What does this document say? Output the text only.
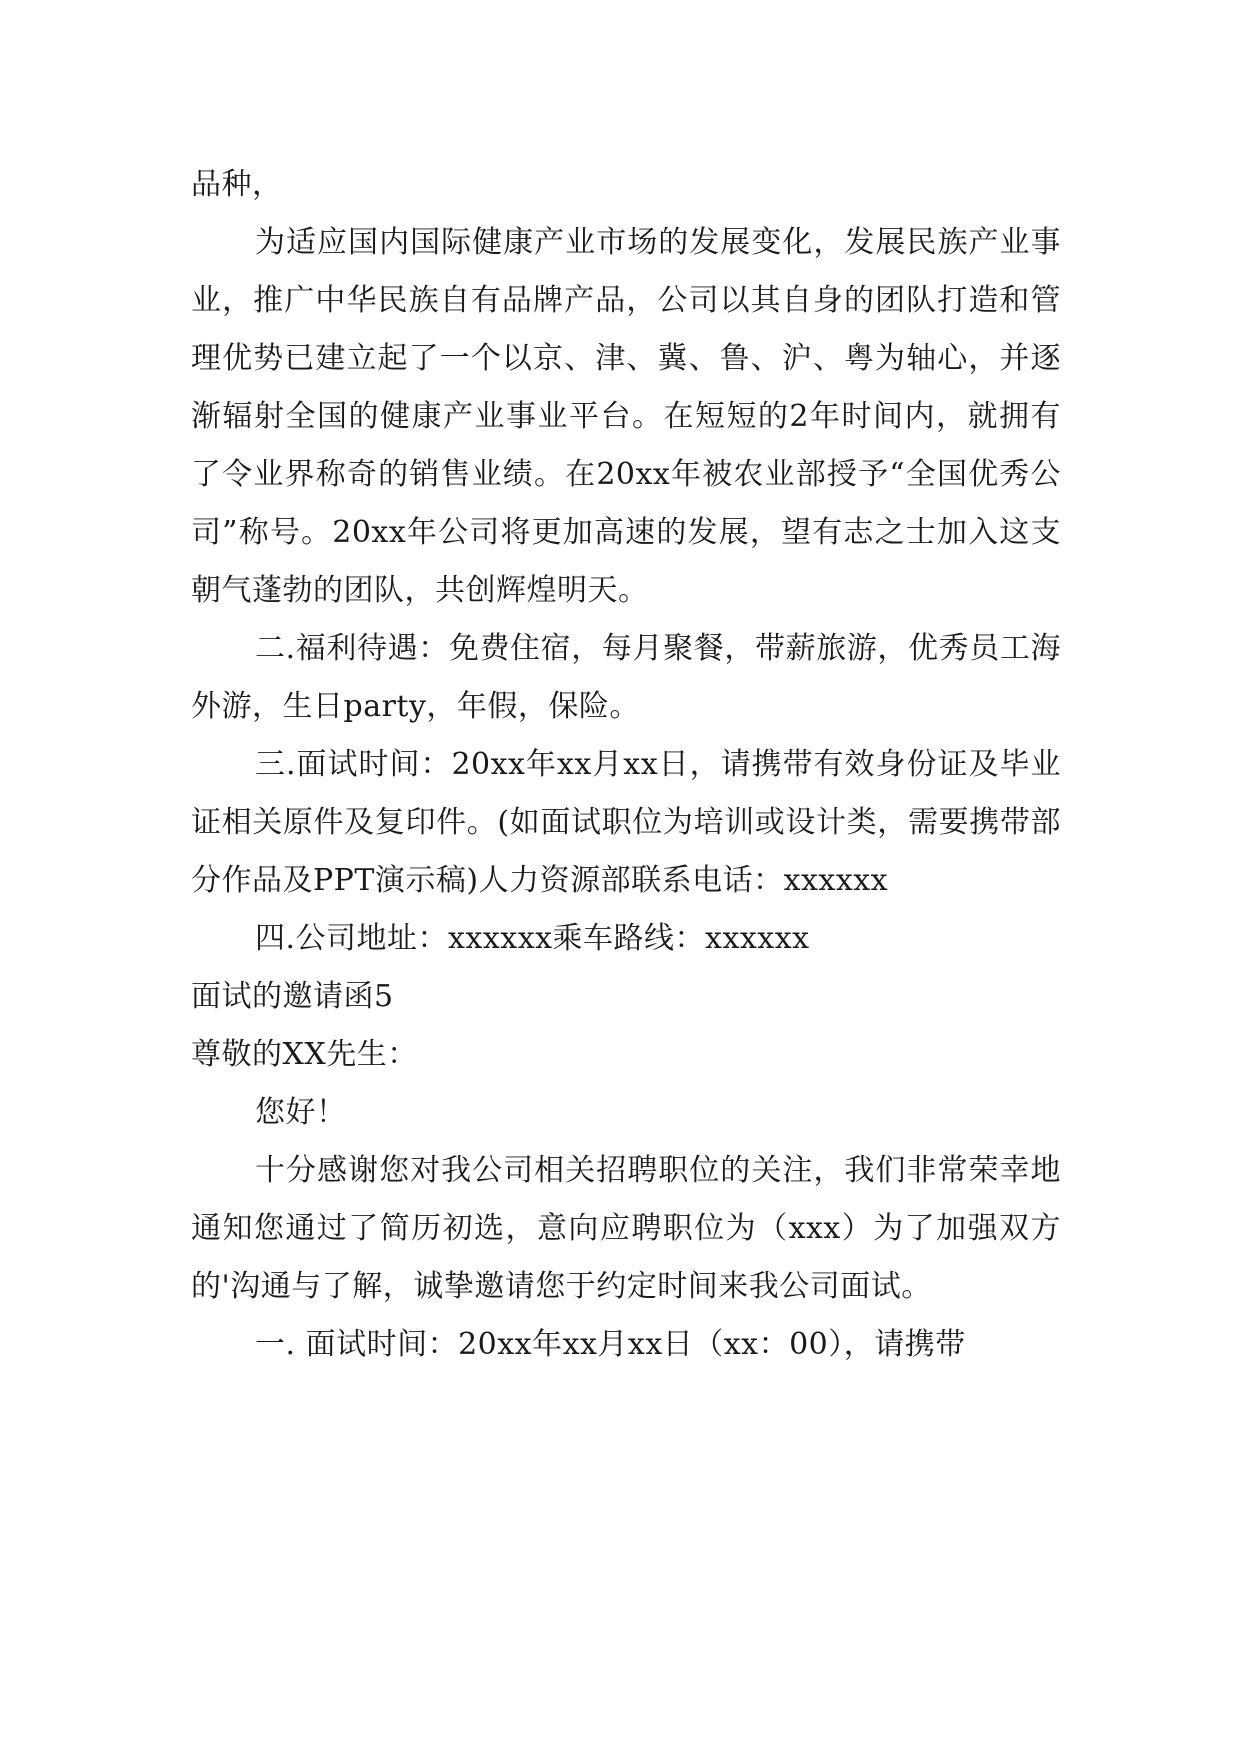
品种，

为适应国内国际健康产业市场的发展变化，发展民族产业事业，推广中华民族自有品牌产品，公司以其自身的团队打造和管理优势已建立起了一个以京、津、冀、鲁、沪、粤为轴心，并逐渐辐射全国的健康产业事业平台。在短短的2年时间内，就拥有了令业界称奇的销售业绩。在20xx年被农业部授予“全国优秀公司”称号。20xx年公司将更加高速的发展，望有志之士加入这支朝气蓬勃的团队，共创辉煌明天。

二.福利待遇：免费住宿，每月聚餐，带薪旅游，优秀员工海外游，生日party，年假，保险。

三.面试时间：20xx年xx月xx日，请携带有效身份证及毕业证相关原件及复印件。(如面试职位为培训或设计类，需要携带部分作品及PPT演示稿)人力资源部联系电话：xxxxxx

四.公司地址：xxxxxx乘车路线：xxxxxx

面试的邀请函5

尊敬的XX先生：

您好！

十分感谢您对我公司相关招聘职位的关注，我们非常荣幸地通知您通过了简历初选，意向应聘职位为（xxx）为了加强双方的'沟通与了解，诚挚邀请您于约定时间来我公司面试。

一. 面试时间：20xx年xx月xx日（xx：00），请携带
